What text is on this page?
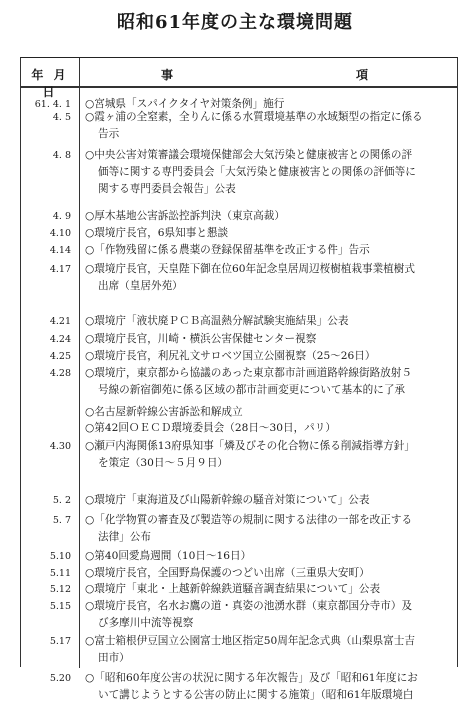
昭和61年度の主な環境問題
年 月 日
事	項
61. 4. 1 ○宮城県「スパイクタイヤ対策条例」施行
4. 5 ○霞ヶ浦の全窒素，全りんに係る水質環境基準の水域類型の指定に係る
告示
4. 8 ○中央公害対策審議会環境保健部会大気汚染と健康被害との関係の評
価等に関する専門委員会「大気汚染と健康被害との関係の評価等に
関する専門委員会報告」公表
4. 9 ○厚木基地公害訴訟控訴判決（東京高裁）
4.10 ○環境庁長官，6県知事と懇談
4.14 ○「作物残留に係る農薬の登録保留基準を改正する件」告示
4.17 ○環境庁長官，天皇陛下御在位60年記念皇居周辺桜樹植栽事業植樹式
出席（皇居外苑）
4.21 ○環境庁「液状廃ＰＣＢ高温熱分解試験実施結果」公表
4.24 ○環境庁長官，川崎・横浜公害保健センター視察
4.25 ○環境庁長官，利尻礼文サロベツ国立公園視察（25〜26日）
4.28 ○環境庁，東京都から協議のあった東京都市計画道路幹線街路放射５
号線の新宿御苑に係る区域の都市計画変更について基本的に了承
○名古屋新幹線公害訴訟和解成立
○第42回ＯＥＣＤ環境委員会（28日〜30日，パリ）
4.30 ○瀬戸内海関係13府県知事「燐及びその化合物に係る削減指導方針」
を策定（30日〜５月９日）
5. 2 ○環境庁「東海道及び山陽新幹線の騒音対策について」公表
5. 7 ○「化学物質の審査及び製造等の規制に関する法律の一部を改正する
法律」公布
5.10 ○第40回愛鳥週間（10日〜16日）
5.11 ○環境庁長官，全国野鳥保護のつどい出席（三重県大安町）
5.12 ○環境庁「東北・上越新幹線鉄道騒音調査結果について」公表
5.15 ○環境庁長官，名水お鷹の道・真姿の池湧水群（東京都国分寺市）及
び多摩川中流等視察
5.17 ○富士箱根伊豆国立公園富士地区指定50周年記念式典（山梨県富士吉
田市）
5.20 ○「昭和60年度公害の状況に関する年次報告」及び「昭和61年度にお
いて講じようとする公害の防止に関する施策」（昭和61年版環境白
